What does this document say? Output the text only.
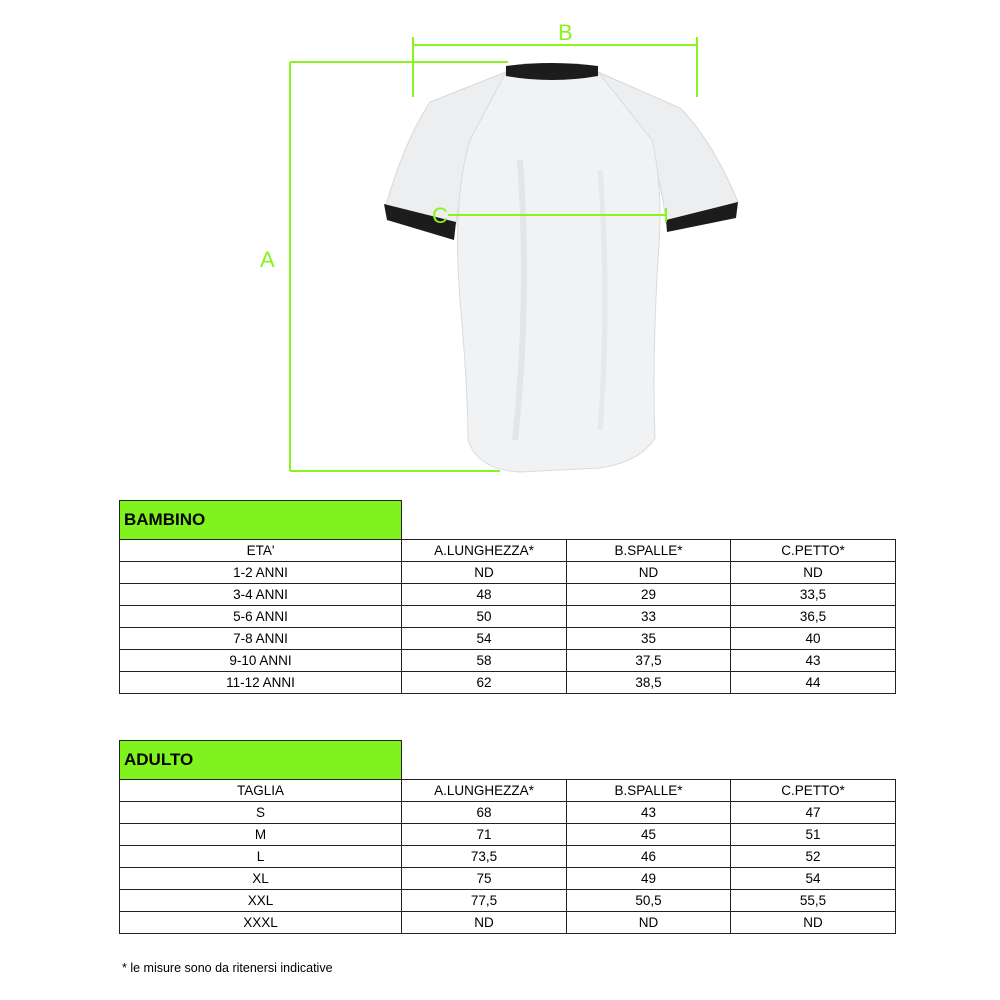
A
B
C
BAMBINO			
ETA'	A.LUNGHEZZA*	B.SPALLE*	C.PETTO*
1-2 ANNI	ND	ND	ND
3-4 ANNI	48	29	33,5
5-6 ANNI	50	33	36,5
7-8 ANNI	54	35	40
9-10 ANNI	58	37,5	43
11-12 ANNI	62	38,5	44
ADULTO			
TAGLIA	A.LUNGHEZZA*	B.SPALLE*	C.PETTO*
S	68	43	47
M	71	45	51
L	73,5	46	52
XL	75	49	54
XXL	77,5	50,5	55,5
XXXL	ND	ND	ND
* le misure sono da ritenersi indicative
